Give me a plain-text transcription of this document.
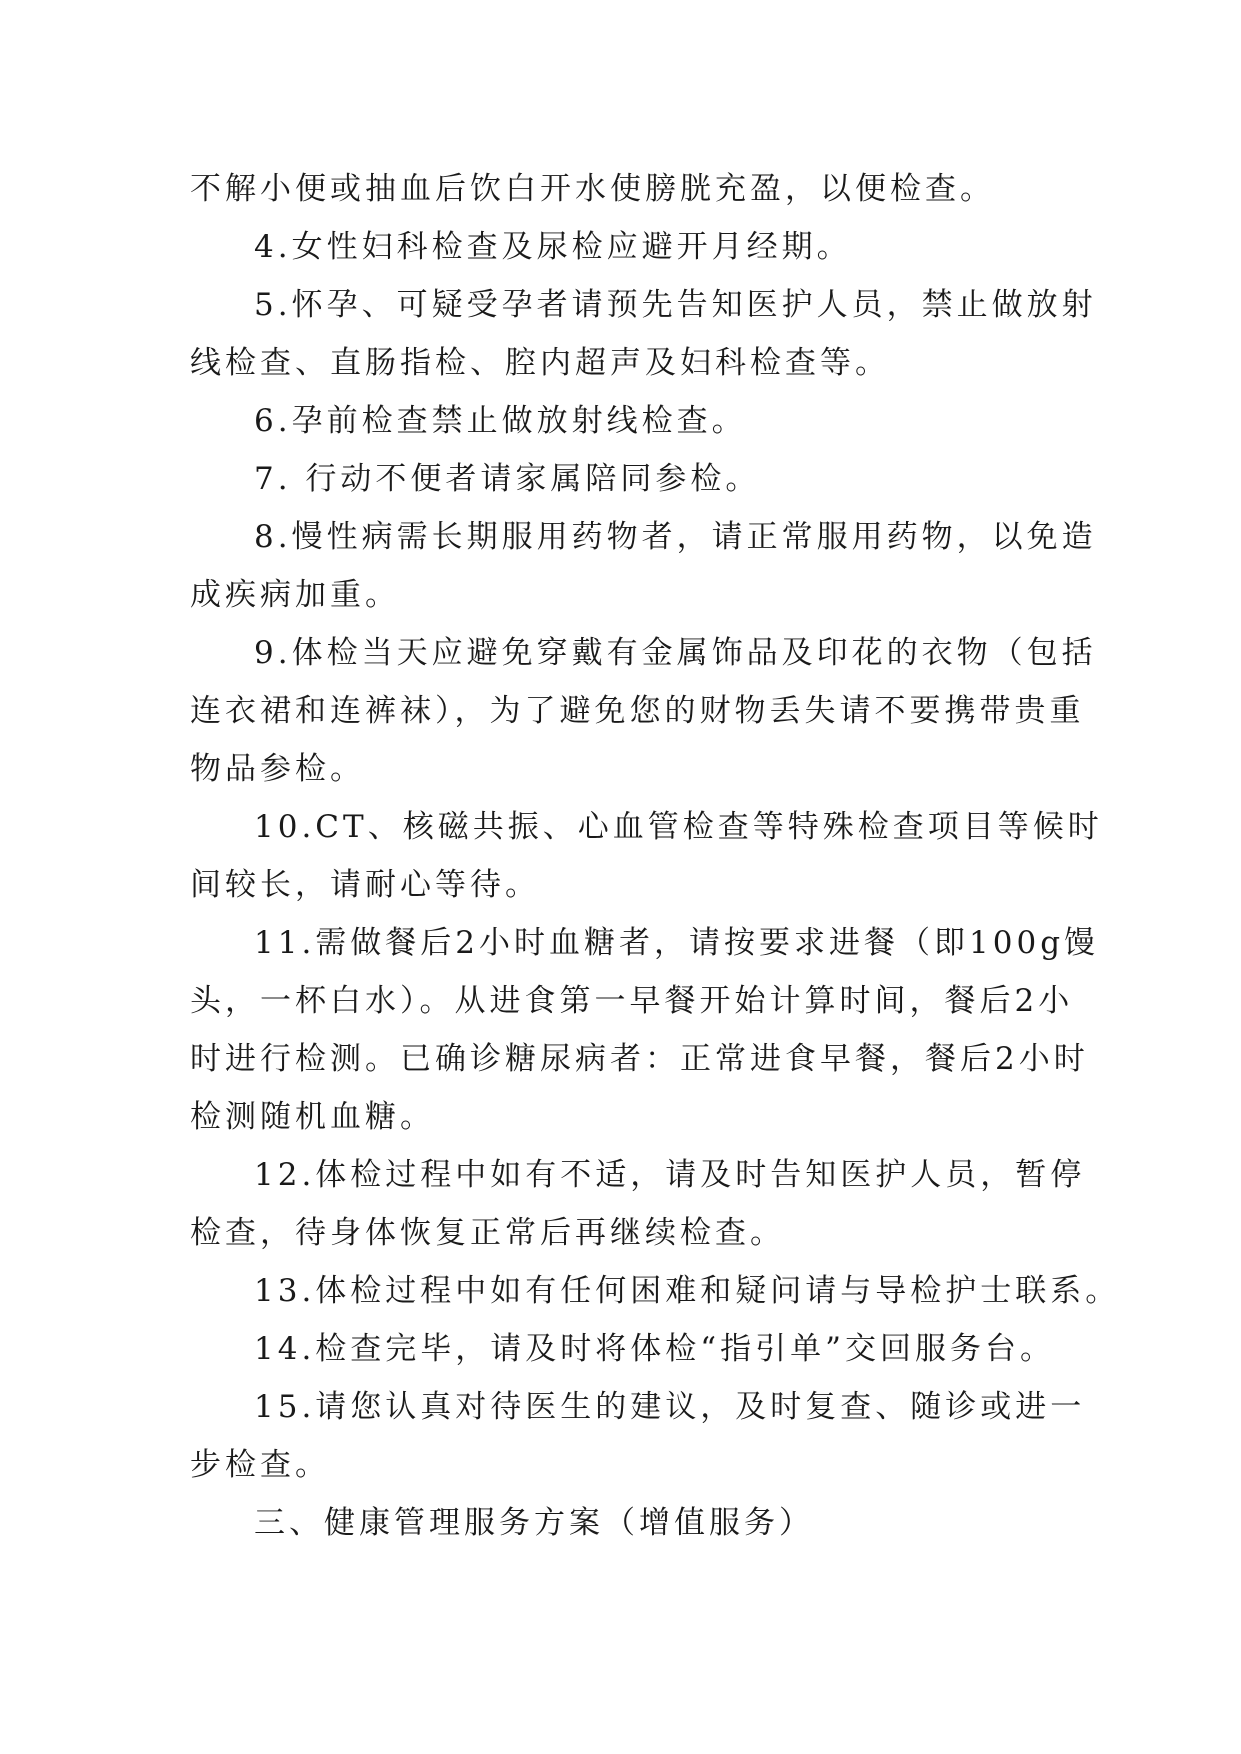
不解小便或抽血后饮白开水使膀胱充盈，以便检查。
4.女性妇科检查及尿检应避开月经期。
5.怀孕、可疑受孕者请预先告知医护人员，禁止做放射
线检查、直肠指检、腔内超声及妇科检查等。
6.孕前检查禁止做放射线检查。
7. 行动不便者请家属陪同参检。
8.慢性病需长期服用药物者，请正常服用药物，以免造
成疾病加重。
9.体检当天应避免穿戴有金属饰品及印花的衣物（包括
连衣裙和连裤袜），为了避免您的财物丢失请不要携带贵重
物品参检。
10.CT、核磁共振、心血管检查等特殊检查项目等候时
间较长，请耐心等待。
11.需做餐后2小时血糖者，请按要求进餐（即100g馒
头，一杯白水）。从进食第一早餐开始计算时间，餐后2小
时进行检测。已确诊糖尿病者：正常进食早餐，餐后2小时
检测随机血糖。
12.体检过程中如有不适，请及时告知医护人员，暂停
检查，待身体恢复正常后再继续检查。
13.体检过程中如有任何困难和疑问请与导检护士联系。
14.检查完毕，请及时将体检“指引单”交回服务台。
15.请您认真对待医生的建议，及时复查、随诊或进一
步检查。
三、健康管理服务方案（增值服务）
